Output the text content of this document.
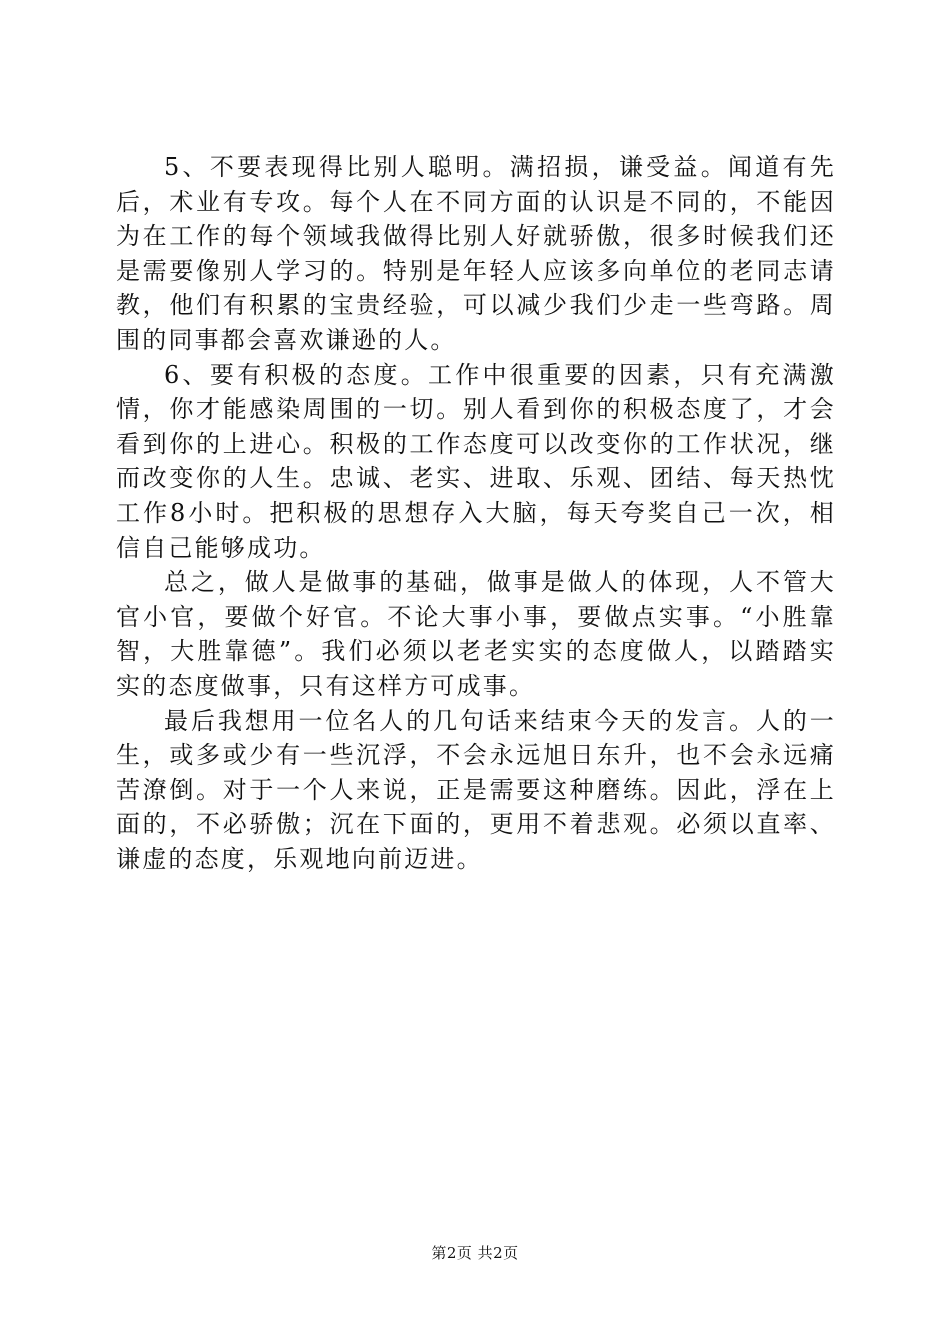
5、不要表现得比别人聪明。满招损，谦受益。闻道有先后，术业有专攻。每个人在不同方面的认识是不同的，不能因为在工作的每个领域我做得比别人好就骄傲，很多时候我们还是需要像别人学习的。特别是年轻人应该多向单位的老同志请教，他们有积累的宝贵经验，可以减少我们少走一些弯路。周围的同事都会喜欢谦逊的人。

6、要有积极的态度。工作中很重要的因素，只有充满激情，你才能感染周围的一切。别人看到你的积极态度了，才会看到你的上进心。积极的工作态度可以改变你的工作状况，继而改变你的人生。忠诚、老实、进取、乐观、团结、每天热忱工作8小时。把积极的思想存入大脑，每天夸奖自己一次，相信自己能够成功。

总之，做人是做事的基础，做事是做人的体现，人不管大官小官，要做个好官。不论大事小事，要做点实事。“小胜靠智，大胜靠德”。我们必须以老老实实的态度做人，以踏踏实实的态度做事，只有这样方可成事。

最后我想用一位名人的几句话来结束今天的发言。人的一生，或多或少有一些沉浮，不会永远旭日东升，也不会永远痛苦潦倒。对于一个人来说，正是需要这种磨练。因此，浮在上面的，不必骄傲；沉在下面的，更用不着悲观。必须以直率、谦虚的态度，乐观地向前迈进。

第2页 共2页
